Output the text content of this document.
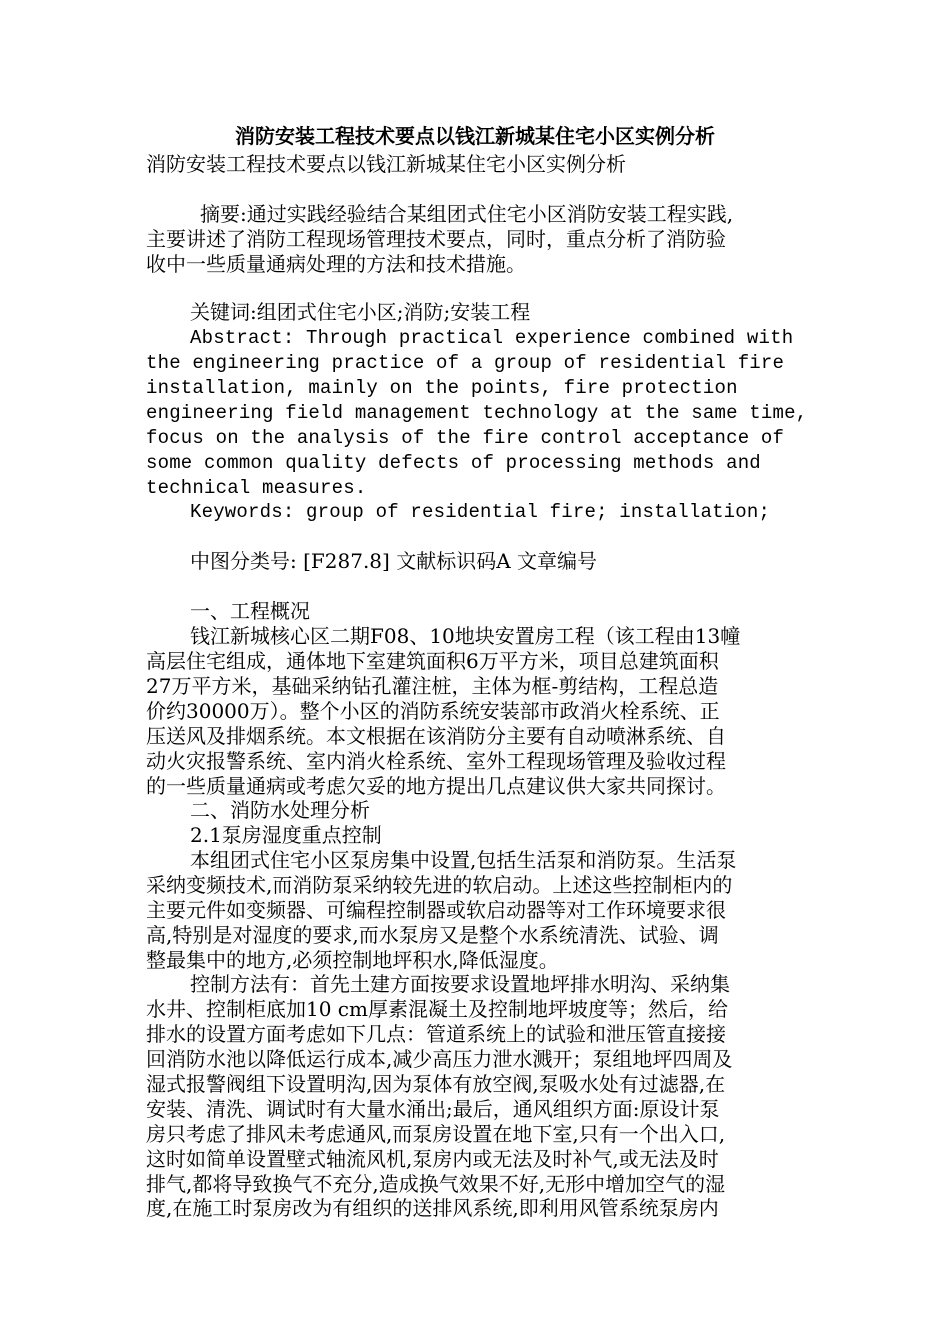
消防安装工程技术要点以钱江新城某住宅小区实例分析
消防安装工程技术要点以钱江新城某住宅小区实例分析
摘要:通过实践经验结合某组团式住宅小区消防安装工程实践,
主要讲述了消防工程现场管理技术要点，同时，重点分析了消防验
收中一些质量通病处理的方法和技术措施。
关键词:组团式住宅小区;消防;安装工程
Abstract: Through practical experience combined with
the engineering practice of a group of residential fire
installation, mainly on the points, fire protection
engineering field management technology at the same time,
focus on the analysis of the fire control acceptance of
some common quality defects of processing methods and
technical measures.
Keywords: group of residential fire; installation;
中图分类号: [F287.8] 文献标识码A 文章编号
一、工程概况
钱江新城核心区二期F08、10地块安置房工程（该工程由13幢
高层住宅组成，通体地下室建筑面积6万平方米，项目总建筑面积
27万平方米，基础采纳钻孔灌注桩，主体为框-剪结构，工程总造
价约30000万）。整个小区的消防系统安装部市政消火栓系统、正
压送风及排烟系统。本文根据在该消防分主要有自动喷淋系统、自
动火灾报警系统、室内消火栓系统、室外工程现场管理及验收过程
的一些质量通病或考虑欠妥的地方提出几点建议供大家共同探讨。
二、消防水处理分析
2.1泵房湿度重点控制
本组团式住宅小区泵房集中设置,包括生活泵和消防泵。生活泵
采纳变频技术,而消防泵采纳较先进的软启动。上述这些控制柜内的
主要元件如变频器、可编程控制器或软启动器等对工作环境要求很
高,特别是对湿度的要求,而水泵房又是整个水系统清洗、试验、调
整最集中的地方,必须控制地坪积水,降低湿度。
控制方法有：首先土建方面按要求设置地坪排水明沟、采纳集
水井、控制柜底加10 cm厚素混凝土及控制地坪坡度等；然后，给
排水的设置方面考虑如下几点：管道系统上的试验和泄压管直接接
回消防水池以降低运行成本,减少高压力泄水溅开；泵组地坪四周及
湿式报警阀组下设置明沟,因为泵体有放空阀,泵吸水处有过滤器,在
安装、清洗、调试时有大量水涌出;最后，通风组织方面:原设计泵
房只考虑了排风未考虑通风,而泵房设置在地下室,只有一个出入口,
这时如简单设置壁式轴流风机,泵房内或无法及时补气,或无法及时
排气,都将导致换气不充分,造成换气效果不好,无形中增加空气的湿
度,在施工时泵房改为有组织的送排风系统,即利用风管系统泵房内
